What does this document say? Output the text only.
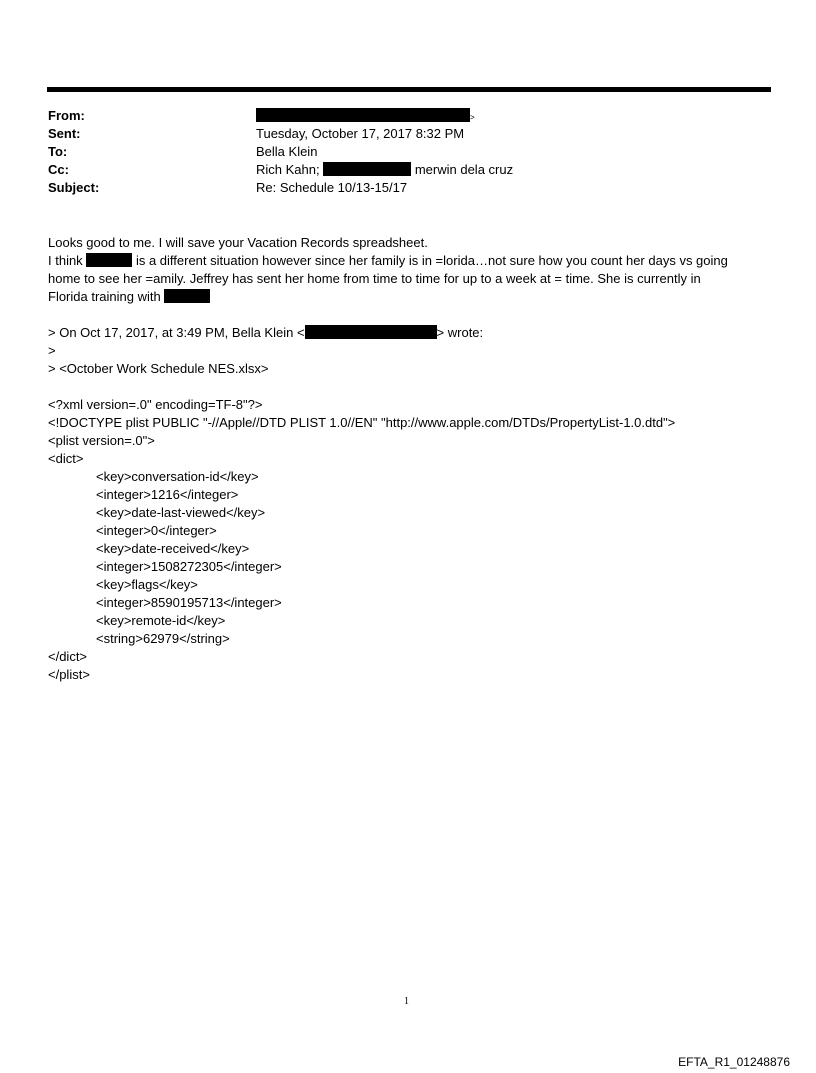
From:	>
Sent:	Tuesday, October 17, 2017 8:32 PM
To:	Bella Klein
Cc:	Rich Kahn;	merwin dela cruz
Subject:	Re: Schedule 10/13-15/17
Looks good to me. I will save your Vacation Records spreadsheet.
I think	is a different situation however since her family is in =lorida…not sure how you count her days vs going
home to see her =amily. Jeffrey has sent her home from time to time for up to a week at = time. She is currently in
Florida training with
> On Oct 17, 2017, at 3:49 PM, Bella Klein <	> wrote:
>
> <October Work Schedule NES.xlsx>
<?xml version=.0" encoding=TF-8"?>
<!DOCTYPE plist PUBLIC "-//Apple//DTD PLIST 1.0//EN" "http://www.apple.com/DTDs/PropertyList-1.0.dtd">
<plist version=.0">
<dict>
<key>conversation-id</key>
<integer>1216</integer>
<key>date-last-viewed</key>
<integer>0</integer>
<key>date-received</key>
<integer>1508272305</integer>
<key>flags</key>
<integer>8590195713</integer>
<key>remote-id</key>
<string>62979</string>
</dict>
</plist>
1
EFTA_R1_01248876
